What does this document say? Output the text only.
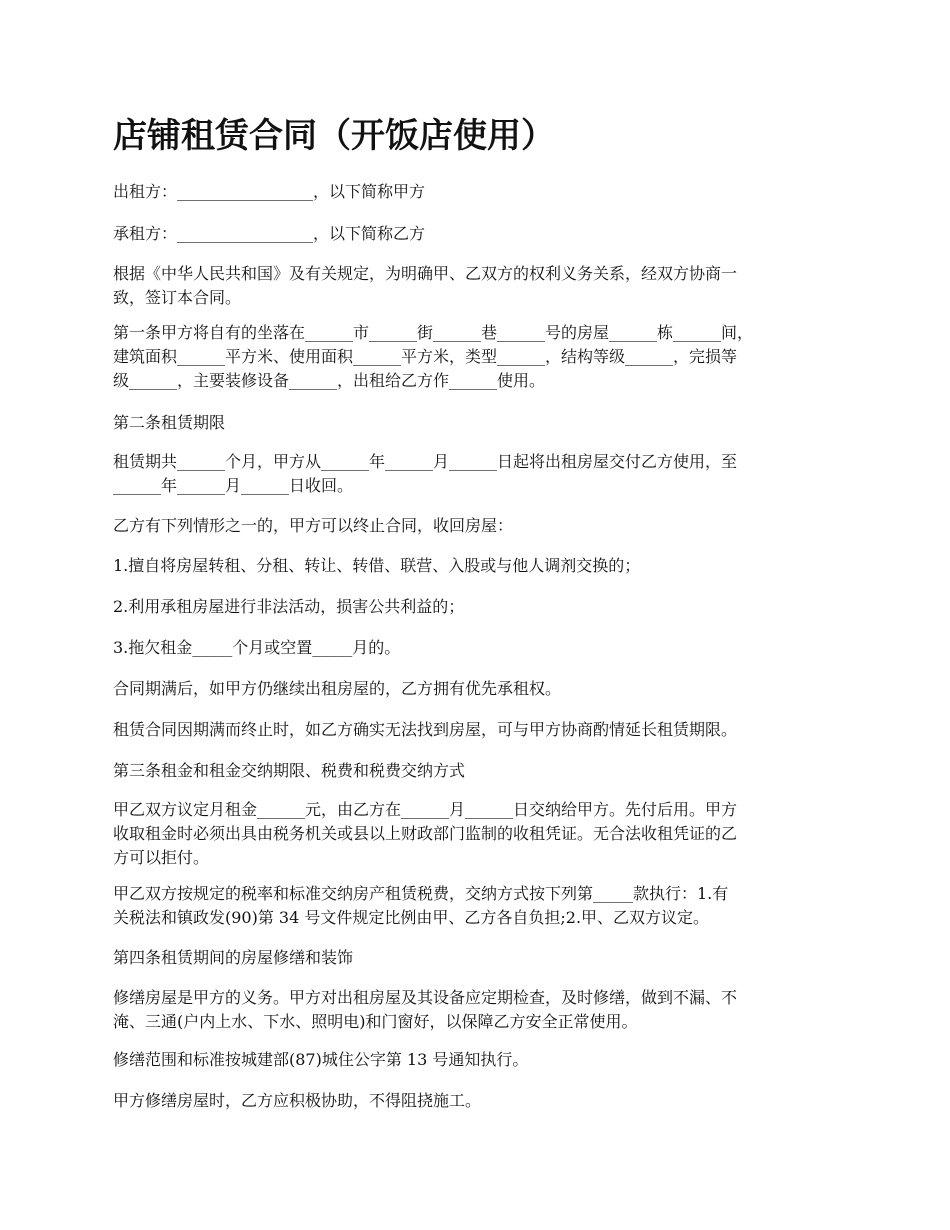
店铺租赁合同（开饭店使用）
出租方：_________________，以下简称甲方
承租方：_________________，以下简称乙方
根据《中华人民共和国》及有关规定，为明确甲、乙双方的权利义务关系，经双方协商一
致，签订本合同。
第一条甲方将自有的坐落在______市______街______巷______号的房屋______栋______间，
建筑面积______平方米、使用面积______平方米，类型______，结构等级______，完损等
级______，主要装修设备______，出租给乙方作______使用。
第二条租赁期限
租赁期共______个月，甲方从______年______月______日起将出租房屋交付乙方使用，至
______年______月______日收回。
乙方有下列情形之一的，甲方可以终止合同，收回房屋：
1.擅自将房屋转租、分租、转让、转借、联营、入股或与他人调剂交换的；
2.利用承租房屋进行非法活动，损害公共利益的；
3.拖欠租金_____个月或空置_____月的。
合同期满后，如甲方仍继续出租房屋的，乙方拥有优先承租权。
租赁合同因期满而终止时，如乙方确实无法找到房屋，可与甲方协商酌情延长租赁期限。
第三条租金和租金交纳期限、税费和税费交纳方式
甲乙双方议定月租金______元，由乙方在______月______日交纳给甲方。先付后用。甲方
收取租金时必须出具由税务机关或县以上财政部门监制的收租凭证。无合法收租凭证的乙
方可以拒付。
甲乙双方按规定的税率和标准交纳房产租赁税费，交纳方式按下列第_____款执行：1.有
关税法和镇政发(90)第 34 号文件规定比例由甲、乙方各自负担;2.甲、乙双方议定。
第四条租赁期间的房屋修缮和装饰
修缮房屋是甲方的义务。甲方对出租房屋及其设备应定期检查，及时修缮，做到不漏、不
淹、三通(户内上水、下水、照明电)和门窗好，以保障乙方安全正常使用。
修缮范围和标准按城建部(87)城住公字第 13 号通知执行。
甲方修缮房屋时，乙方应积极协助，不得阻挠施工。
